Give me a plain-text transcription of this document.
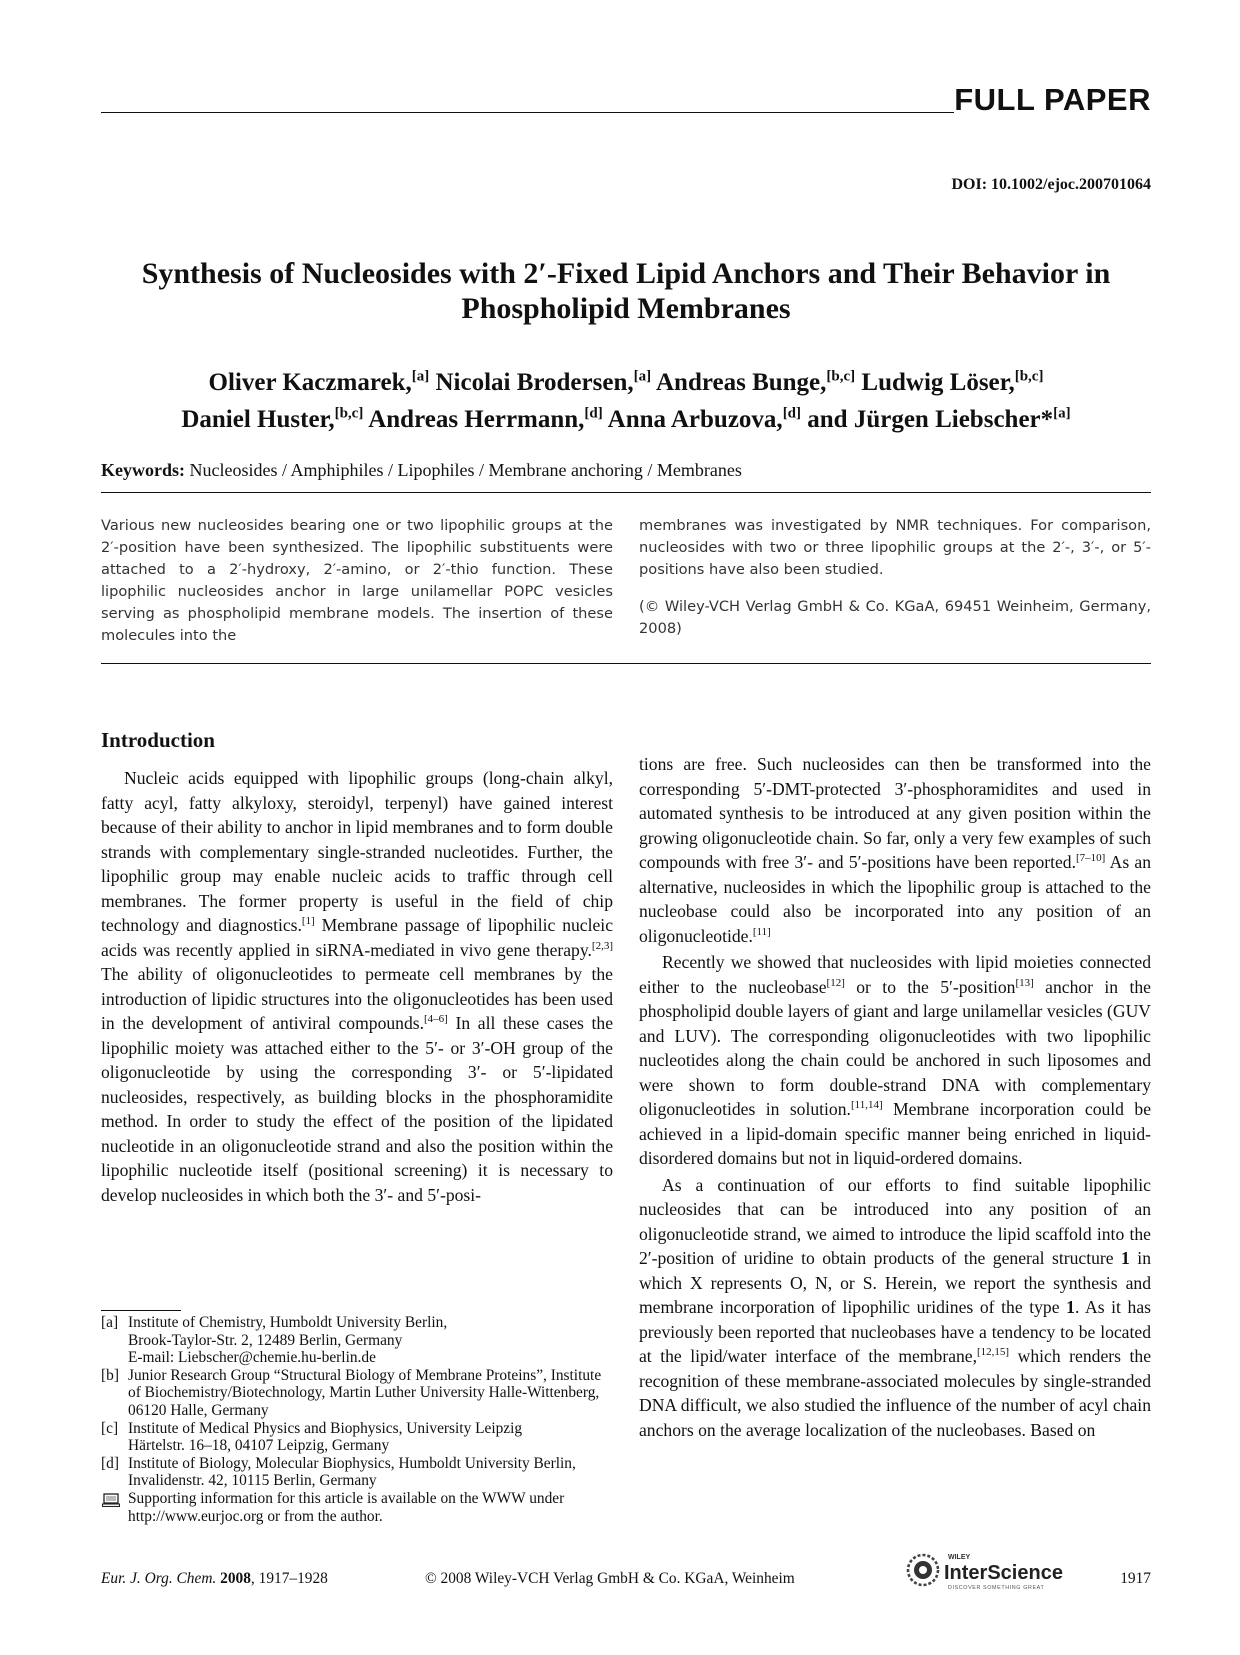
FULL PAPER
DOI: 10.1002/ejoc.200701064
Synthesis of Nucleosides with 2′-Fixed Lipid Anchors and Their Behavior in Phospholipid Membranes
Oliver Kaczmarek,[a] Nicolai Brodersen,[a] Andreas Bunge,[b,c] Ludwig Löser,[b,c]
Daniel Huster,[b,c] Andreas Herrmann,[d] Anna Arbuzova,[d] and Jürgen Liebscher*[a]
Keywords: Nucleosides / Amphiphiles / Lipophiles / Membrane anchoring / Membranes

Various new nucleosides bearing one or two lipophilic groups at the 2′-position have been synthesized. The lipophilic substituents were attached to a 2′-hydroxy, 2′-amino, or 2′-thio function. These lipophilic nucleosides anchor in large unilamellar POPC vesicles serving as phospholipid membrane models. The insertion of these molecules into the

membranes was investigated by NMR techniques. For comparison, nucleosides with two or three lipophilic groups at the 2′-, 3′-, or 5′-positions have also been studied.

(© Wiley-VCH Verlag GmbH & Co. KGaA, 69451 Weinheim, Germany, 2008)

Introduction

Nucleic acids equipped with lipophilic groups (long-chain alkyl, fatty acyl, fatty alkyloxy, steroidyl, terpenyl) have gained interest because of their ability to anchor in lipid membranes and to form double strands with complementary single-stranded nucleotides. Further, the lipophilic group may enable nucleic acids to traffic through cell membranes. The former property is useful in the field of chip technology and diagnostics.[1] Membrane passage of lipophilic nucleic acids was recently applied in siRNA-mediated in vivo gene therapy.[2,3] The ability of oligonucleotides to permeate cell membranes by the introduction of lipidic structures into the oligonucleotides has been used in the development of antiviral compounds.[4–6] In all these cases the lipophilic moiety was attached either to the 5′- or 3′-OH group of the oligonucleotide by using the corresponding 3′- or 5′-lipidated nucleosides, respectively, as building blocks in the phosphoramidite method. In order to study the effect of the position of the lipidated nucleotide in an oligonucleotide strand and also the position within the lipophilic nucleotide itself (positional screening) it is necessary to develop nucleosides in which both the 3′- and 5′-posi-

tions are free. Such nucleosides can then be transformed into the corresponding 5′-DMT-protected 3′-phosphoramidites and used in automated synthesis to be introduced at any given position within the growing oligonucleotide chain. So far, only a very few examples of such compounds with free 3′- and 5′-positions have been reported.[7–10] As an alternative, nucleosides in which the lipophilic group is attached to the nucleobase could also be incorporated into any position of an oligonucleotide.[11]

Recently we showed that nucleosides with lipid moieties connected either to the nucleobase[12] or to the 5′-position[13] anchor in the phospholipid double layers of giant and large unilamellar vesicles (GUV and LUV). The corresponding oligonucleotides with two lipophilic nucleotides along the chain could be anchored in such liposomes and were shown to form double-strand DNA with complementary oligonucleotides in solution.[11,14] Membrane incorporation could be achieved in a lipid-domain specific manner being enriched in liquid-disordered domains but not in liquid-ordered domains.

As a continuation of our efforts to find suitable lipophilic nucleosides that can be introduced into any position of an oligonucleotide strand, we aimed to introduce the lipid scaffold into the 2′-position of uridine to obtain products of the general structure 1 in which X represents O, N, or S. Herein, we report the synthesis and membrane incorporation of lipophilic uridines of the type 1. As it has previously been reported that nucleobases have a tendency to be located at the lipid/water interface of the membrane,[12,15] which renders the recognition of these membrane-associated molecules by single-stranded DNA difficult, we also studied the influence of the number of acyl chain anchors on the average localization of the nucleobases. Based on

[a] Institute of Chemistry, Humboldt University Berlin,
Brook-Taylor-Str. 2, 12489 Berlin, Germany
E-mail: Liebscher@chemie.hu-berlin.de
[b] Junior Research Group “Structural Biology of Membrane Proteins”, Institute of Biochemistry/Biotechnology, Martin Luther University Halle-Wittenberg,
06120 Halle, Germany
[c] Institute of Medical Physics and Biophysics, University Leipzig
Härtelstr. 16–18, 04107 Leipzig, Germany
[d] Institute of Biology, Molecular Biophysics, Humboldt University Berlin,
Invalidenstr. 42, 10115 Berlin, Germany
Supporting information for this article is available on the WWW under http://www.eurjoc.org or from the author.
Eur. J. Org. Chem. 2008, 1917–1928	© 2008 Wiley-VCH Verlag GmbH & Co. KGaA, Weinheim
WILEY
InterScience
DISCOVER SOMETHING GREAT
1917
